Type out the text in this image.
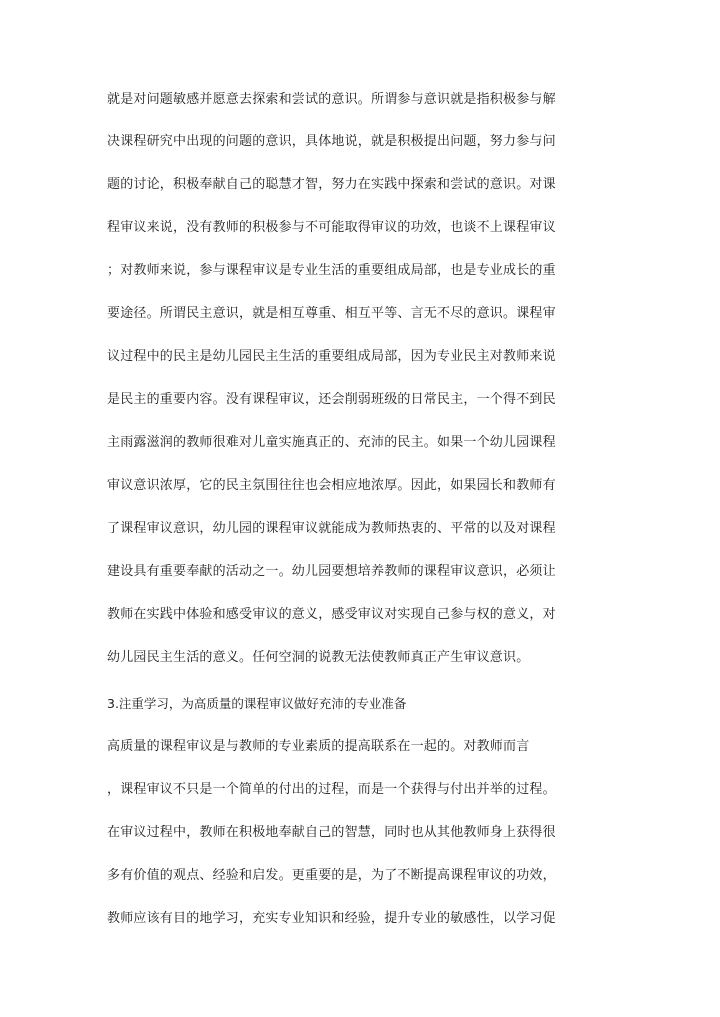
就是对问题敏感并愿意去探索和尝试的意识。所谓参与意识就是指积极参与解
决课程研究中出现的问题的意识，具体地说，就是积极提出问题，努力参与问
题的讨论，积极奉献自己的聪慧才智，努力在实践中探索和尝试的意识。对课
程审议来说，没有教师的积极参与不可能取得审议的功效，也谈不上课程审议
；对教师来说，参与课程审议是专业生活的重要组成局部，也是专业成长的重
要途径。所谓民主意识，就是相互尊重、相互平等、言无不尽的意识。课程审
议过程中的民主是幼儿园民主生活的重要组成局部，因为专业民主对教师来说
是民主的重要内容。没有课程审议，还会削弱班级的日常民主，一个得不到民
主雨露滋润的教师很难对儿童实施真正的、充沛的民主。如果一个幼儿园课程
审议意识浓厚，它的民主氛围往往也会相应地浓厚。因此，如果园长和教师有
了课程审议意识，幼儿园的课程审议就能成为教师热衷的、平常的以及对课程
建设具有重要奉献的活动之一。幼儿园要想培养教师的课程审议意识，必须让
教师在实践中体验和感受审议的意义，感受审议对实现自己参与权的意义，对
幼儿园民主生活的意义。任何空洞的说教无法使教师真正产生审议意识。
3.注重学习，为高质量的课程审议做好充沛的专业准备
高质量的课程审议是与教师的专业素质的提高联系在一起的。对教师而言
，课程审议不只是一个简单的付出的过程，而是一个获得与付出并举的过程。
在审议过程中，教师在积极地奉献自己的智慧，同时也从其他教师身上获得很
多有价值的观点、经验和启发。更重要的是，为了不断提高课程审议的功效，
教师应该有目的地学习，充实专业知识和经验，提升专业的敏感性，以学习促
